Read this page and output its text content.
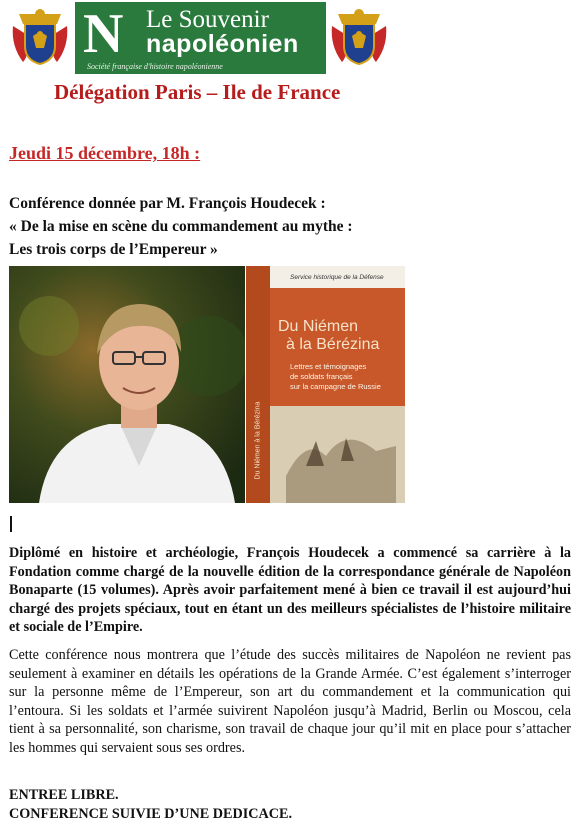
N Le Souvenir
napoléonien
Société française d'histoire napoléonienne
Délégation Paris – Ile de France
Jeudi 15 décembre, 18h :
Conférence donnée par M. François Houdecek :
« De la mise en scène du commandement au mythe :
Les trois corps de l’Empereur »
Service historique de la Défense
Du Niémen
à la Bérézina
Lettres et témoignages
de soldats français
sur la campagne de Russie
Du Niémen à la Bérézina
Diplômé en histoire et archéologie, François Houdecek a commencé sa carrière à la Fondation comme chargé de la nouvelle édition de la correspondance générale de Napoléon Bonaparte (15 volumes). Après avoir parfaitement mené à bien ce travail il est aujourd’hui chargé des projets spéciaux, tout en étant un des meilleurs spécialistes de l’histoire militaire et sociale de l’Empire.
Cette conférence nous montrera que l’étude des succès militaires de Napoléon ne revient pas seulement à examiner en détails les opérations de la Grande Armée. C’est également s’interroger sur la personne même de l’Empereur, son art du commandement et la communication qui l’entoura. Si les soldats et l’armée suivirent Napoléon jusqu’à Madrid, Berlin ou Moscou, cela tient à sa personnalité, son charisme, son travail de chaque jour qu’il mit en place pour s’attacher les hommes qui servaient sous ses ordres.
ENTREE LIBRE.
CONFERENCE SUIVIE D’UNE DEDICACE.
